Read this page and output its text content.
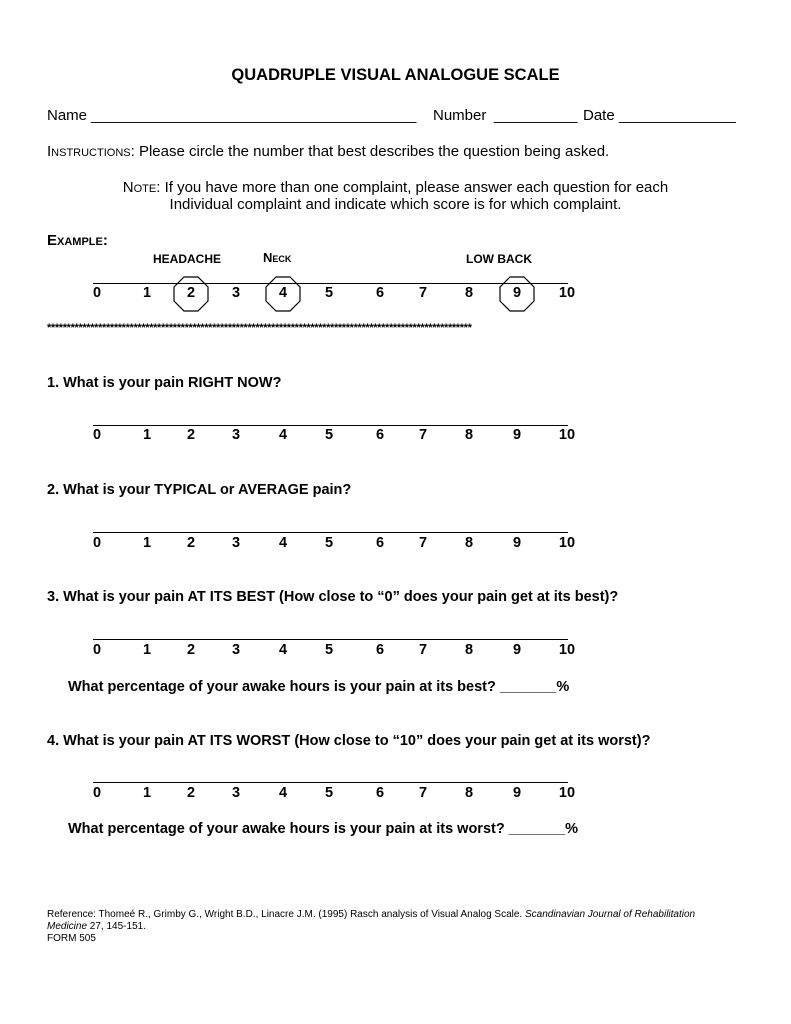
QUADRUPLE VISUAL ANALOGUE SCALE
Name _______________________________________ Number __________ Date ______________
Instructions: Please circle the number that best describes the question being asked.
Note: If you have more than one complaint, please answer each question for each
Individual complaint and indicate which score is for which complaint.
Example:
HEADACHE	Neck	LOW BACK
0	1 2	3	4	5	6 7	8	9	10
************************************************************************************************************
1. What is your pain RIGHT NOW?
0	1 2	3	4	5	6 7	8	9	10
2. What is your TYPICAL or AVERAGE pain?
0	1 2	3	4	5	6 7	8	9	10
3. What is your pain AT ITS BEST (How close to “0” does your pain get at its best)?
0	1 2	3	4	5	6 7	8	9	10
What percentage of your awake hours is your pain at its best? _______%
4. What is your pain AT ITS WORST (How close to “10” does your pain get at its worst)?
0	1 2	3	4	5	6 7	8	9	10
What percentage of your awake hours is your pain at its worst? _______%
Reference: Thomeé R., Grimby G., Wright B.D., Linacre J.M. (1995) Rasch analysis of Visual Analog Scale. Scandinavian Journal of Rehabilitation
Medicine 27, 145-151.
FORM 505
